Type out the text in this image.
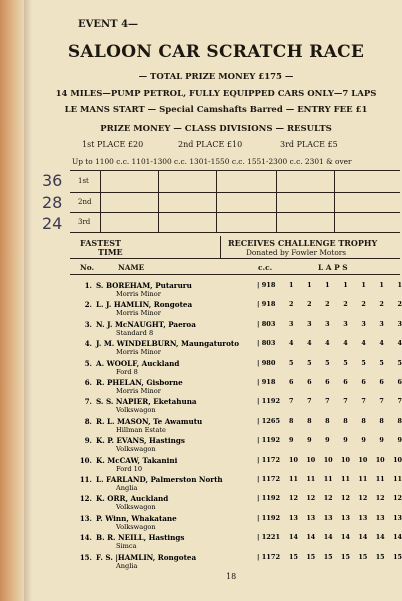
EVENT 4—
SALOON CAR SCRATCH RACE
— TOTAL PRIZE MONEY £175 —
14 MILES—PUMP PETROL, FULLY EQUIPPED CARS ONLY—7 LAPS
LE MANS START — Special Camshafts Barred — ENTRY FEE £1
PRIZE MONEY — CLASS DIVISIONS — RESULTS
1st PLACE £20	2nd PLACE £10	3rd PLACE £5
Up to 1100 c.c. 1101-1300 c.c. 1301-1550 c.c. 1551-2300 c.c. 2301 & over
1st
2nd
3rd
36
28
24
FASTEST
TIME
RECEIVES CHALLENGE TROPHY
Donated by Fowler Motors
No.	NAME	c.c.	L A P S
1. S. BOREHAM, Putaruru
Morris Minor
| 918	1 1 1 1 1 1 1
2. L. J. HAMLIN, Rongotea
Morris Minor
| 918	2 2 2 2 2 2 2
3. N. J. McNAUGHT, Paeroa
Standard 8
| 803	3 3 3 3 3 3 3
4. J. M. WINDELBURN, Maungaturoto
Morris Minor
| 803	4 4 4 4 4 4 4
5. A. WOOLF, Auckland
Ford 8
| 980	5 5 5 5 5 5 5
6. R. PHELAN, Gisborne
Morris Minor
| 918	6 6 6 6 6 6 6
7. S. S. NAPIER, Eketahuna
Volkswagon
| 1192	7 7 7 7 7 7 7
8. R. L. MASON, Te Awamutu
Hillman Estate
| 1265	8 8 8 8 8 8 8
9. K. P. EVANS, Hastings
Volkswagon
| 1192	9 9 9 9 9 9 9
10. K. McCAW, Takanini
Ford 10
| 1172	10 10 10 10 10 10 10
11. L. FARLAND, Palmerston North
Anglia
| 1172	11 11 11 11 11 11 11
12. K. ORR, Auckland
Volkswagon
| 1192	12 12 12 12 12 12 12
13. P. Winn, Whakatane
Volkswagon
| 1192	13 13 13 13 13 13 13
14. B. R. NEILL, Hastings
Simca
| 1221	14 14 14 14 14 14 14
15. F. S. |HAMLIN, Rongotea
Anglia
| 1172	15 15 15 15 15 15 15
18
